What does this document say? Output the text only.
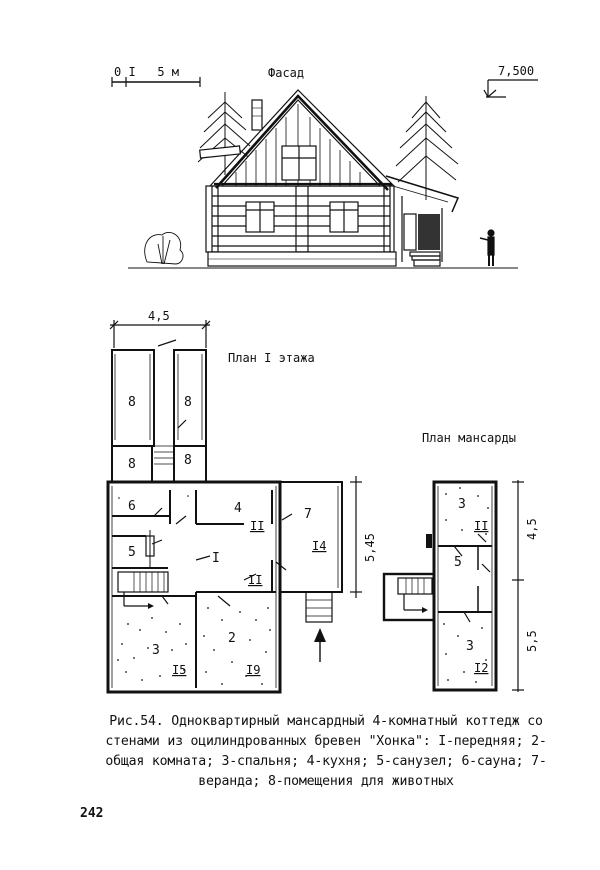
0 I   5 м	Фасад	7,500
8	8
8	8
6
5
4
II
7
I4
I
II
3
I5
2
I9
План I этажа
4,5
5,45
План мансарды
3
II
5
3
I2
4,5
5,5
Рис.54. Одноквартирный мансардный 4-комнатный коттедж со стенами из оцилиндрованных бревен "Хонка": I-передняя; 2-общая комната; 3-спальня; 4-кухня; 5-санузел; 6-сауна; 7-веранда; 8-помещения для животных
242
